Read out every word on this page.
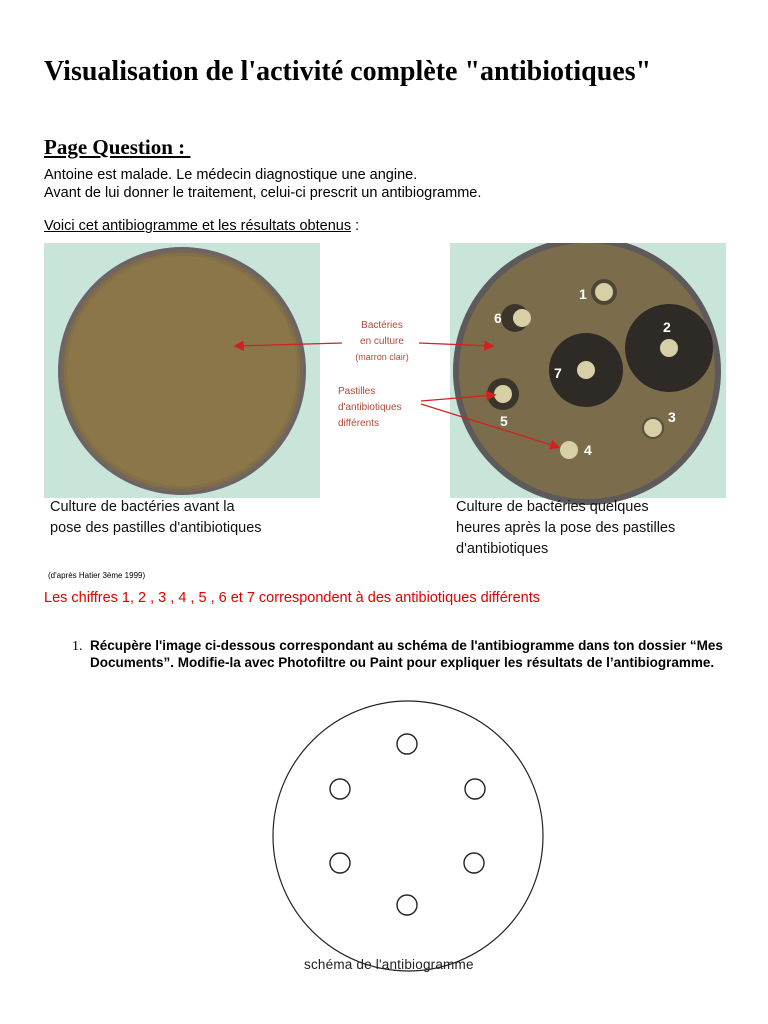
Visualisation de l'activité complète "antibiotiques"
Page Question :
Antoine est malade. Le médecin diagnostique une angine.
Avant de lui donner le traitement, celui-ci prescrit un antibiogramme.
Voici cet antibiogramme et les résultats obtenus :
1
2
3
4
5
6
7
Bactéries
en culture
(marron clair)
Pastilles
d'antibiotiques
différents
Culture de bactéries avant la
pose des pastilles d'antibiotiques
Culture de bactéries quelques
heures après la pose des pastilles
d'antibiotiques
(d'après Hatier 3ème 1999)
Les chiffres 1, 2 , 3 , 4 , 5 , 6 et 7 correspondent à des antibiotiques différents
1. Récupère l'image ci-dessous correspondant au schéma de l'antibiogramme dans ton dossier “Mes Documents”. Modifie-la avec Photofiltre ou Paint pour expliquer les résultats de l’antibiogramme.
schéma de l'antibiogramme
